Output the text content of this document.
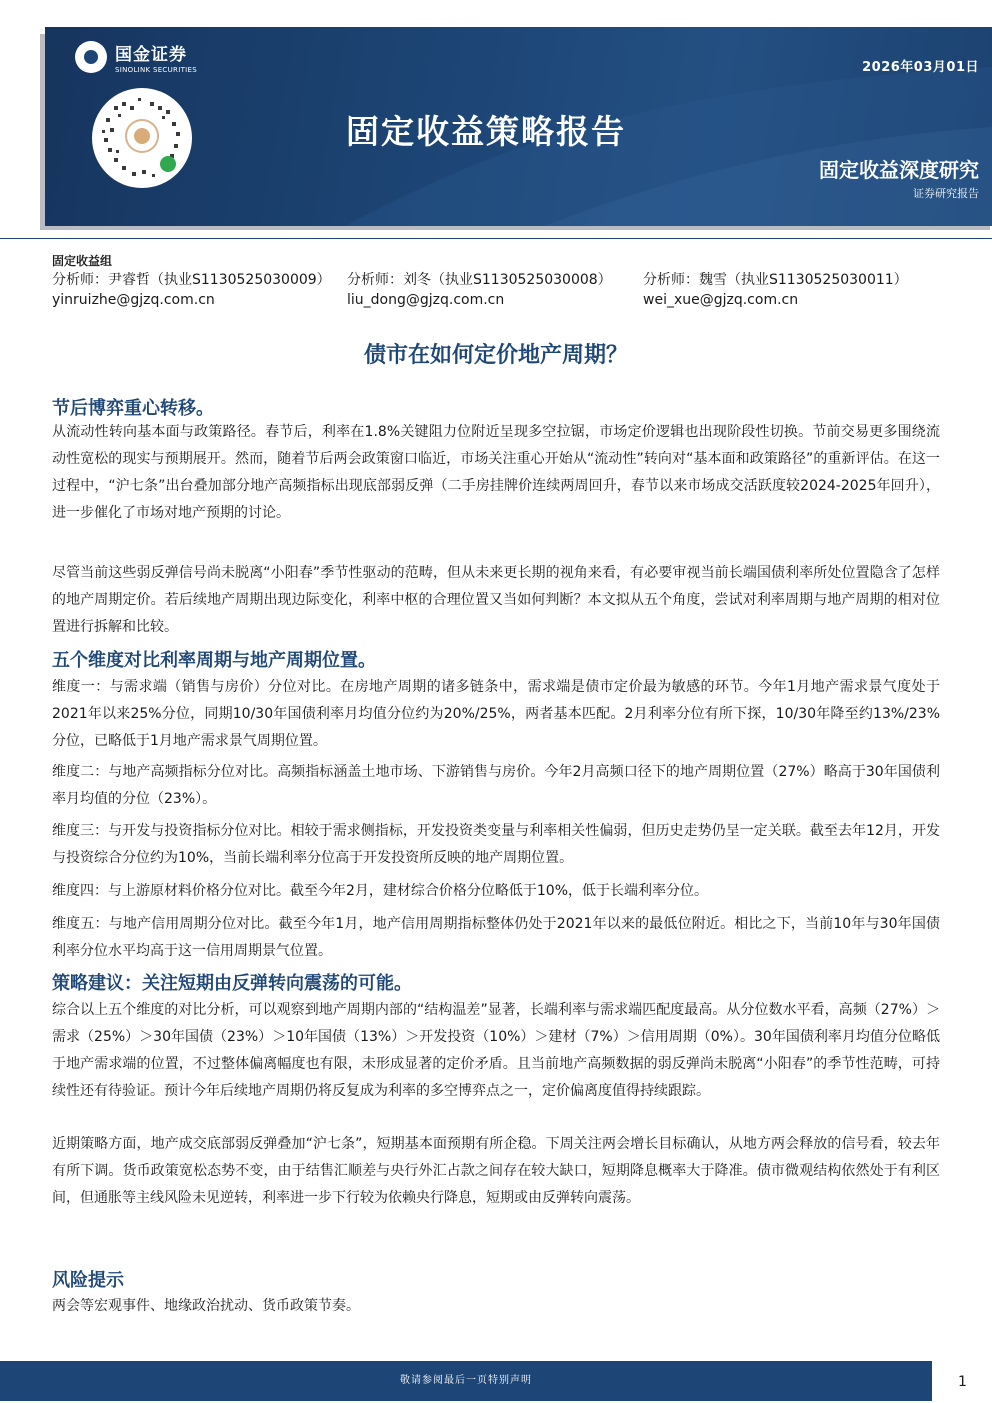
国金证券
SINOLINK SECURITIES	2026年03月01日
固定收益策略报告
固定收益深度研究
证券研究报告
固定收益组
分析师：尹睿哲（执业S1130525030009）
yinruizhe@gjzq.com.cn
分析师：刘冬（执业S1130525030008）
liu_dong@gjzq.com.cn
分析师：魏雪（执业S1130525030011）
wei_xue@gjzq.com.cn
债市在如何定价地产周期？
节后博弈重心转移。
从流动性转向基本面与政策路径。春节后，利率在1.8%关键阻力位附近呈现多空拉锯，市场定价逻辑也出现阶段性切换。节前交易更多围绕流动性宽松的现实与预期展开。然而，随着节后两会政策窗口临近，市场关注重心开始从“流动性”转向对“基本面和政策路径”的重新评估。在这一过程中，“沪七条”出台叠加部分地产高频指标出现底部弱反弹（二手房挂牌价连续两周回升，春节以来市场成交活跃度较2024-2025年回升），进一步催化了市场对地产预期的讨论。
尽管当前这些弱反弹信号尚未脱离“小阳春”季节性驱动的范畴，但从未来更长期的视角来看，有必要审视当前长端国债利率所处位置隐含了怎样的地产周期定价。若后续地产周期出现边际变化，利率中枢的合理位置又当如何判断？本文拟从五个角度，尝试对利率周期与地产周期的相对位置进行拆解和比较。
五个维度对比利率周期与地产周期位置。
维度一：与需求端（销售与房价）分位对比。在房地产周期的诸多链条中，需求端是债市定价最为敏感的环节。今年1月地产需求景气度处于2021年以来25%分位，同期10/30年国债利率月均值分位约为20%/25%，两者基本匹配。2月利率分位有所下探，10/30年降至约13%/23%分位，已略低于1月地产需求景气周期位置。
维度二：与地产高频指标分位对比。高频指标涵盖土地市场、下游销售与房价。今年2月高频口径下的地产周期位置（27%）略高于30年国债利率月均值的分位（23%）。
维度三：与开发与投资指标分位对比。相较于需求侧指标，开发投资类变量与利率相关性偏弱，但历史走势仍呈一定关联。截至去年12月，开发与投资综合分位约为10%，当前长端利率分位高于开发投资所反映的地产周期位置。
维度四：与上游原材料价格分位对比。截至今年2月，建材综合价格分位略低于10%，低于长端利率分位。
维度五：与地产信用周期分位对比。截至今年1月，地产信用周期指标整体仍处于2021年以来的最低位附近。相比之下，当前10年与30年国债利率分位水平均高于这一信用周期景气位置。
策略建议：关注短期由反弹转向震荡的可能。
综合以上五个维度的对比分析，可以观察到地产周期内部的“结构温差”显著，长端利率与需求端匹配度最高。从分位数水平看，高频（27%）＞需求（25%）＞30年国债（23%）＞10年国债（13%）＞开发投资（10%）＞建材（7%）＞信用周期（0%）。30年国债利率月均值分位略低于地产需求端的位置，不过整体偏离幅度也有限，未形成显著的定价矛盾。且当前地产高频数据的弱反弹尚未脱离“小阳春”的季节性范畴，可持续性还有待验证。预计今年后续地产周期仍将反复成为利率的多空博弈点之一，定价偏离度值得持续跟踪。
近期策略方面，地产成交底部弱反弹叠加“沪七条”，短期基本面预期有所企稳。下周关注两会增长目标确认，从地方两会释放的信号看，较去年有所下调。货币政策宽松态势不变，由于结售汇顺差与央行外汇占款之间存在较大缺口，短期降息概率大于降准。债市微观结构依然处于有利区间，但通胀等主线风险未见逆转，利率进一步下行较为依赖央行降息，短期或由反弹转向震荡。
风险提示
两会等宏观事件、地缘政治扰动、货币政策节奏。
敬请参阅最后一页特别声明	1
